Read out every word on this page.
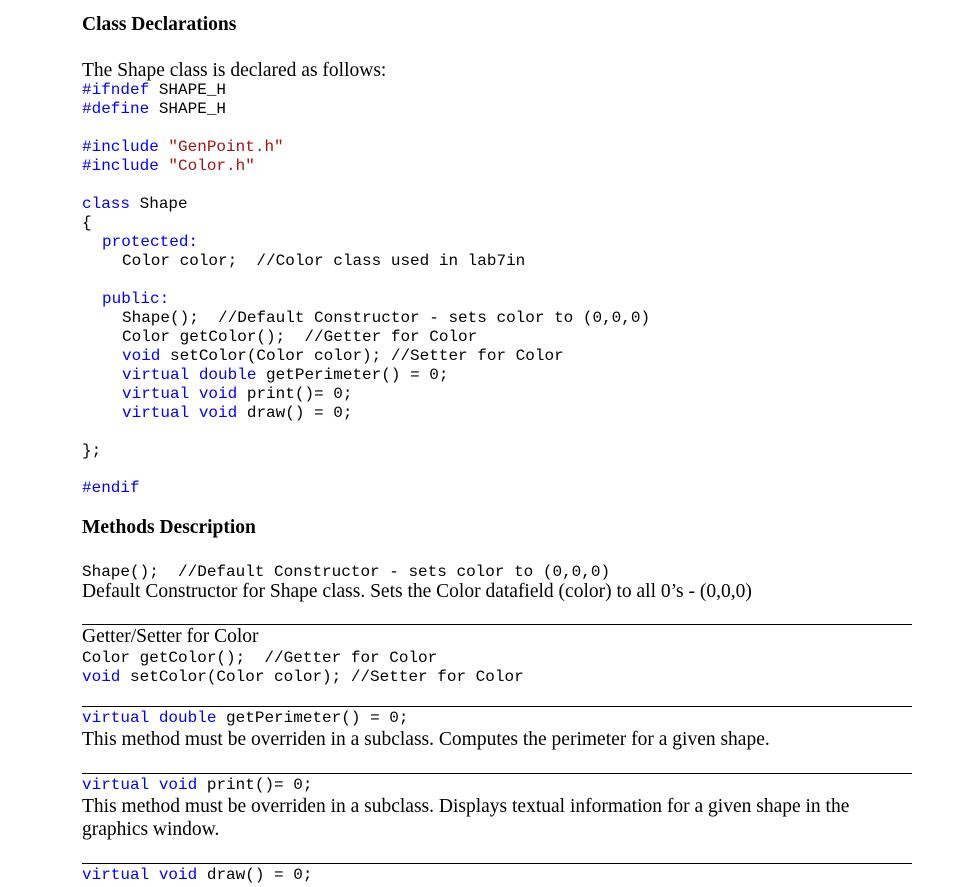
Class Declarations
The Shape class is declared as follows:
#ifndef SHAPE_H
#define SHAPE_H
#include "GenPoint.h"
#include "Color.h"
class Shape
{
protected:
Color color;  //Color class used in lab7in
public:
Shape();  //Default Constructor - sets color to (0,0,0)
Color getColor();  //Getter for Color
void setColor(Color color); //Setter for Color
virtual double getPerimeter() = 0;
virtual void print()= 0;
virtual void draw() = 0;
};
#endif
Methods Description
Shape();  //Default Constructor - sets color to (0,0,0)
Default Constructor for Shape class. Sets the Color datafield (color) to all 0’s - (0,0,0)
Getter/Setter for Color
Color getColor();  //Getter for Color
void setColor(Color color); //Setter for Color
virtual double getPerimeter() = 0;
This method must be overriden in a subclass. Computes the perimeter for a given shape.
virtual void print()= 0;
This method must be overriden in a subclass. Displays textual information for a given shape in the
graphics window.
virtual void draw() = 0;
